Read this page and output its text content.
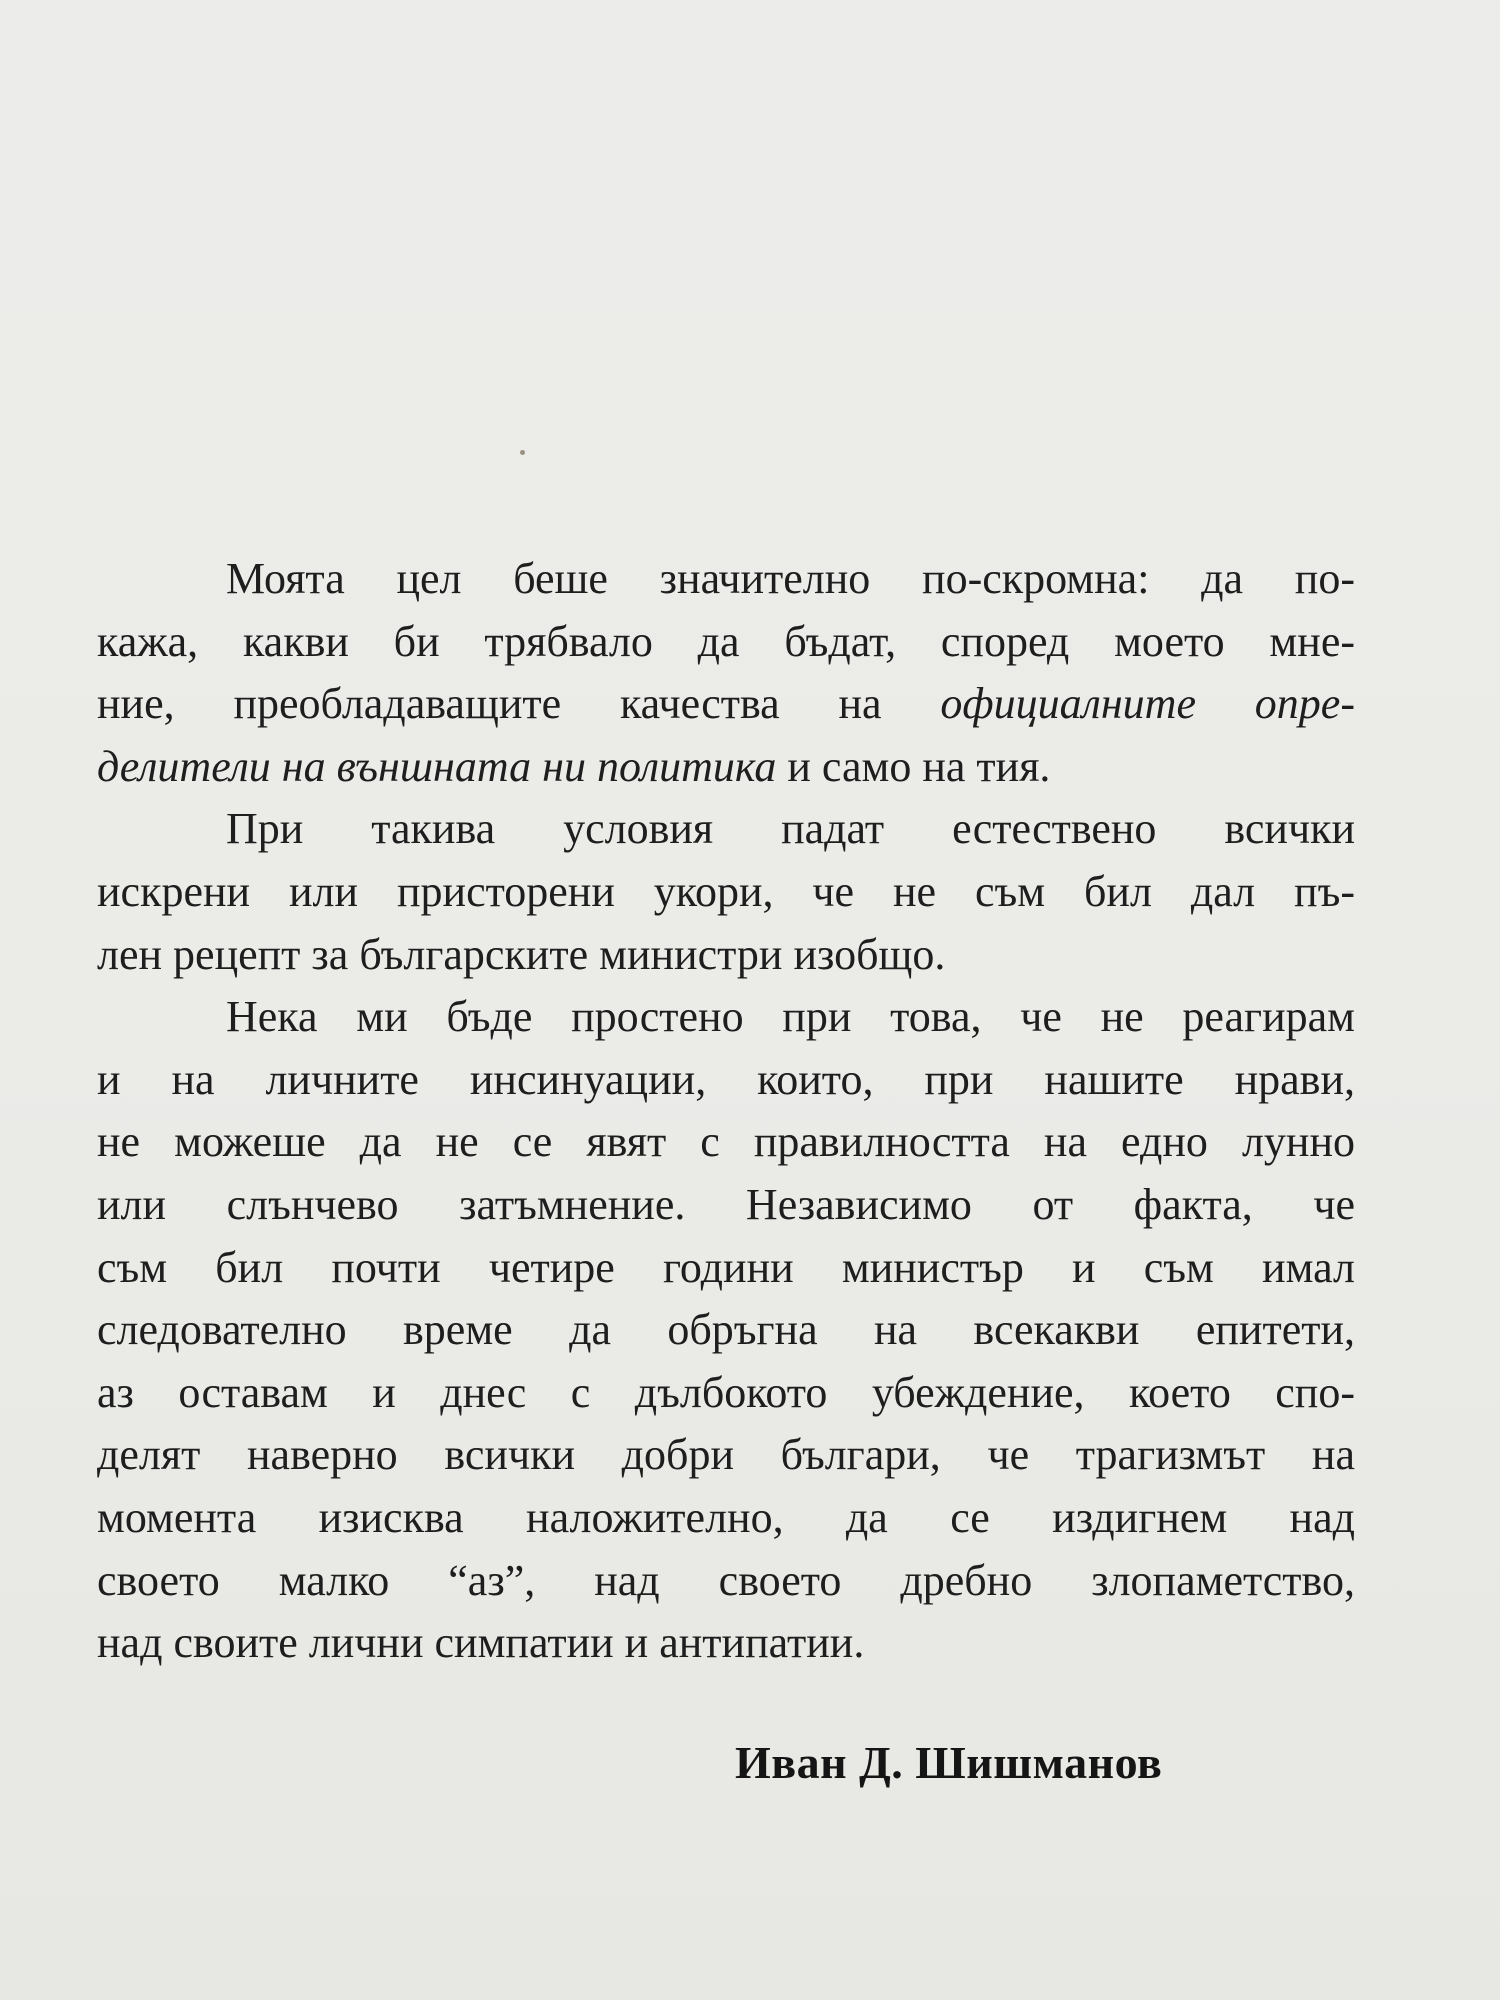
Моята цел беше значително по-скромна: да по-
кажа, какви би трябвало да бъдат, според моето мне-
ние, преобладаващите качества на официалните опре-
делители на външната ни политика и само на тия.
При такива условия падат естествено всички
искрени или присторени укори, че не съм бил дал пъ-
лен рецепт за българските министри изобщо.
Нека ми бъде простено при това, че не реагирам
и на личните инсинуации, които, при нашите нрави,
не можеше да не се явят с правилността на едно лунно
или слънчево затъмнение. Независимо от факта, че
съм бил почти четире години министър и съм имал
следователно време да обръгна на всекакви епитети,
аз оставам и днес с дълбокото убеждение, което спо-
делят наверно всички добри българи, че трагизмът на
момента изисква наложително, да се издигнем над
своето малко “аз”, над своето дребно злопаметство,
над своите лични симпатии и антипатии.
Иван Д. Шишманов
